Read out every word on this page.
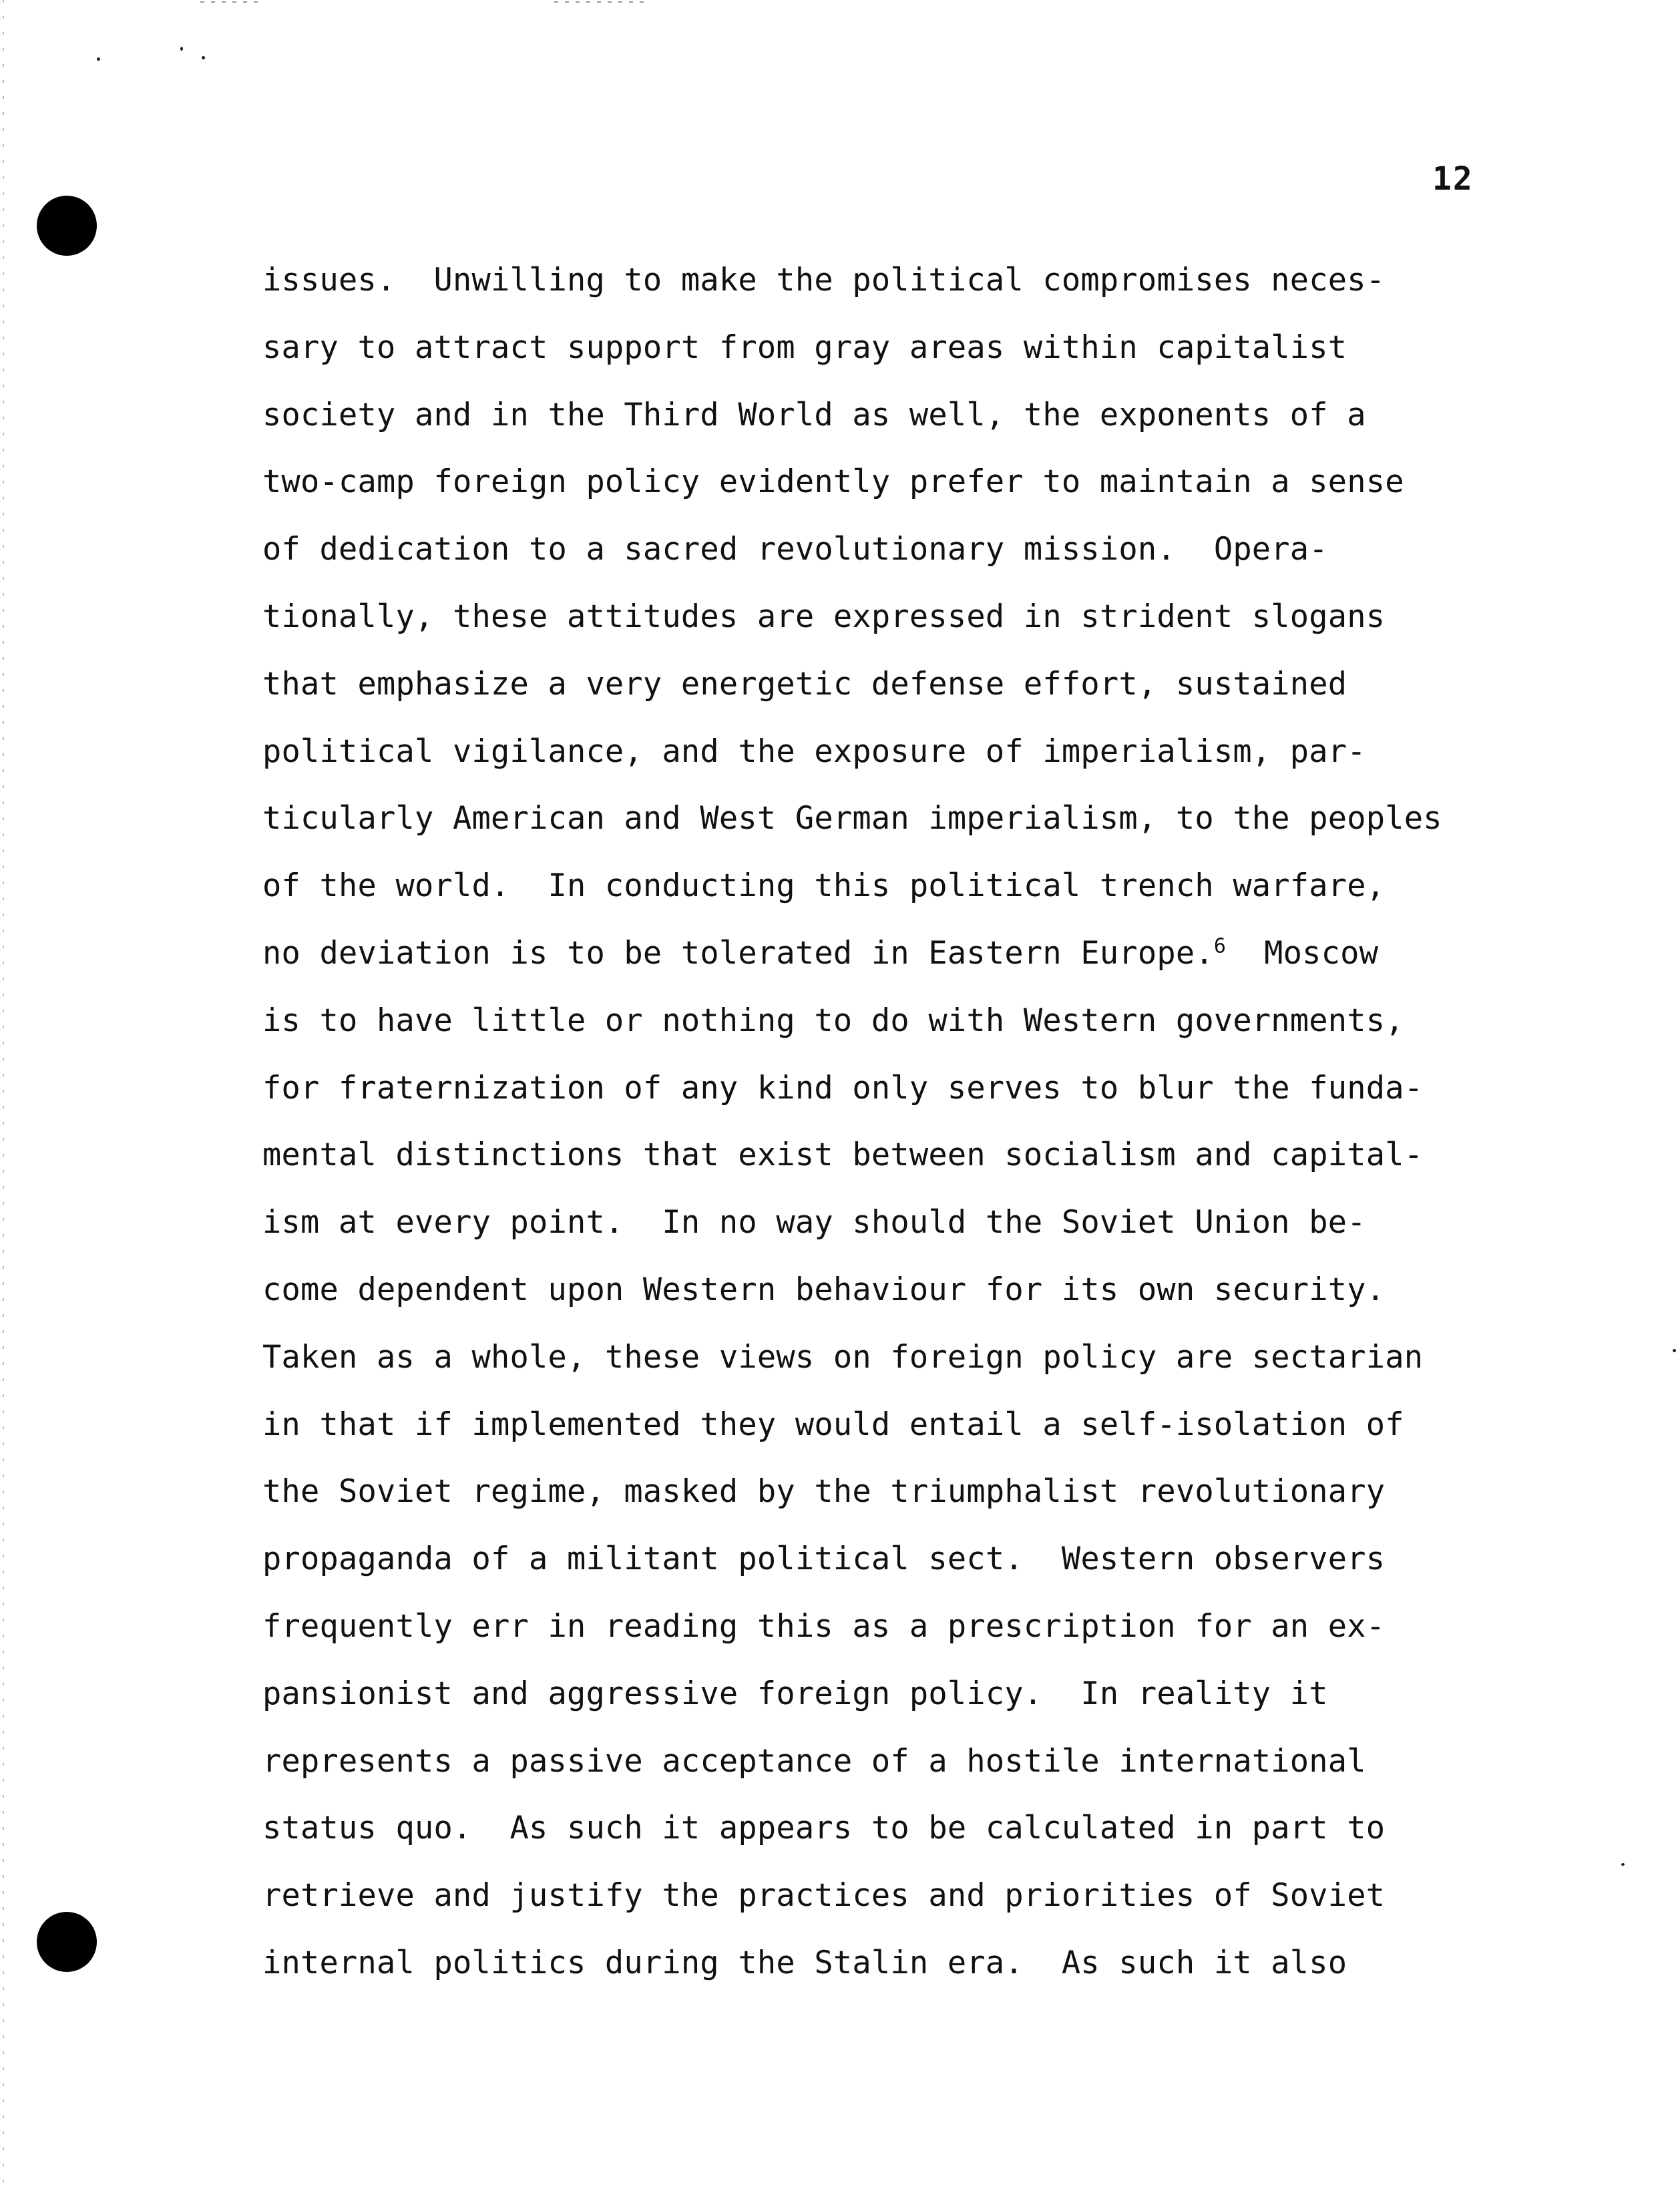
12
issues.  Unwilling to make the political compromises neces-
sary to attract support from gray areas within capitalist
society and in the Third World as well, the exponents of a
two-camp foreign policy evidently prefer to maintain a sense
of dedication to a sacred revolutionary mission.  Opera-
tionally, these attitudes are expressed in strident slogans
that emphasize a very energetic defense effort, sustained
political vigilance, and the exposure of imperialism, par-
ticularly American and West German imperialism, to the peoples
of the world.  In conducting this political trench warfare,
no deviation is to be tolerated in Eastern Europe.$^6$  Moscow
is to have little or nothing to do with Western governments,
for fraternization of any kind only serves to blur the funda-
mental distinctions that exist between socialism and capital-
ism at every point.  In no way should the Soviet Union be-
come dependent upon Western behaviour for its own security.
Taken as a whole, these views on foreign policy are sectarian
in that if implemented they would entail a self-isolation of
the Soviet regime, masked by the triumphalist revolutionary
propaganda of a militant political sect.  Western observers
frequently err in reading this as a prescription for an ex-
pansionist and aggressive foreign policy.  In reality it
represents a passive acceptance of a hostile international
status quo.  As such it appears to be calculated in part to
retrieve and justify the practices and priorities of Soviet
internal politics during the Stalin era.  As such it also
